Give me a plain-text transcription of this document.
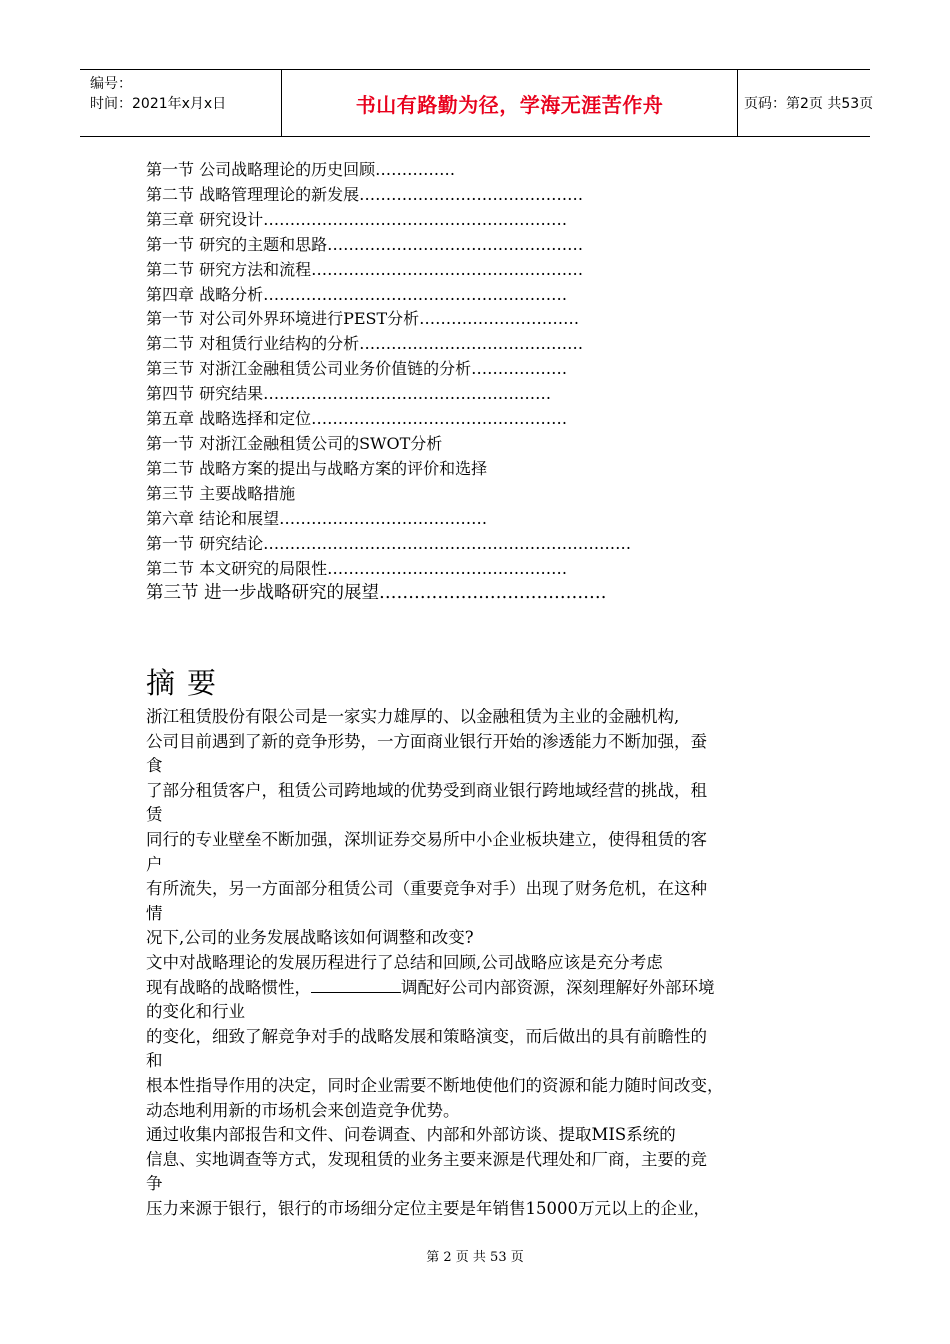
编号：
时间：2021年x月x日	书山有路勤为径，学海无涯苦作舟	页码：第2页 共53页
第一节 公司战略理论的历史回顾……………
第二节 战略管理理论的新发展……………………………………
第三章 研究设计…………………………………………………
第一节 研究的主题和思路…………………………………………
第二节 研究方法和流程……………………………………………
第四章 战略分析…………………………………………………
第一节 对公司外界环境进行PEST分析…………………………
第二节 对租赁行业结构的分析……………………………………
第三节 对浙江金融租赁公司业务价值链的分析………………
第四节 研究结果………………………………………………
第五章 战略选择和定位…………………………………………
第一节 对浙江金融租赁公司的SWOT分析
第二节 战略方案的提出与战略方案的评价和选择
第三节 主要战略措施
第六章 结论和展望…………………………………
第一节 研究结论……………………………………………………………
第二节 本文研究的局限性………………………………………
第三节 进一步战略研究的展望…………………………………
摘要
浙江租赁股份有限公司是一家实力雄厚的、以金融租赁为主业的金融机构,
公司目前遇到了新的竞争形势，一方面商业银行开始的渗透能力不断加强，蚕
食
了部分租赁客户，租赁公司跨地域的优势受到商业银行跨地域经营的挑战，租
赁
同行的专业壁垒不断加强，深圳证券交易所中小企业板块建立，使得租赁的客
户
有所流失，另一方面部分租赁公司（重要竞争对手）出现了财务危机，在这种
情
况下,公司的业务发展战略该如何调整和改变?
文中对战略理论的发展历程进行了总结和回顾,公司战略应该是充分考虑
现有战略的战略惯性，	调配好公司内部资源，深刻理解好外部环境
的变化和行业
的变化，细致了解竞争对手的战略发展和策略演变，而后做出的具有前瞻性的
和
根本性指导作用的决定，同时企业需要不断地使他们的资源和能力随时间改变，
动态地利用新的市场机会来创造竞争优势。
通过收集内部报告和文件、问卷调查、内部和外部访谈、提取MIS系统的
信息、实地调查等方式，发现租赁的业务主要来源是代理处和厂商，主要的竞
争
压力来源于银行，银行的市场细分定位主要是年销售15000万元以上的企业，
第 2 页 共 53 页
